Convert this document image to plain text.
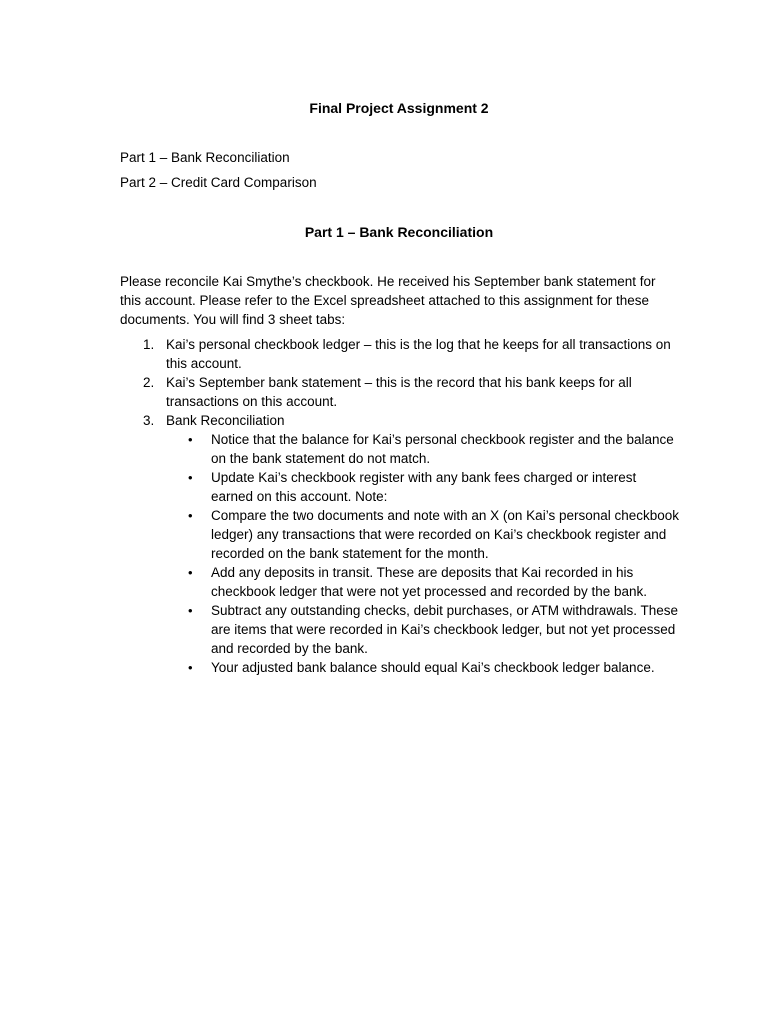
Final Project Assignment 2

Part 1 – Bank Reconciliation

Part 2 – Credit Card Comparison

Part 1 – Bank Reconciliation

Please reconcile Kai Smythe’s checkbook. He received his September bank statement for this account. Please refer to the Excel spreadsheet attached to this assignment for these documents. You will find 3 sheet tabs:

1. Kai’s personal checkbook ledger – this is the log that he keeps for all transactions on this account.
2. Kai’s September bank statement – this is the record that his bank keeps for all transactions on this account.
3. Bank Reconciliation
• Notice that the balance for Kai’s personal checkbook register and the balance on the bank statement do not match.
• Update Kai’s checkbook register with any bank fees charged or interest earned on this account. Note:
• Compare the two documents and note with an X (on Kai’s personal checkbook ledger) any transactions that were recorded on Kai’s checkbook register and recorded on the bank statement for the month.
• Add any deposits in transit. These are deposits that Kai recorded in his checkbook ledger that were not yet processed and recorded by the bank.
• Subtract any outstanding checks, debit purchases, or ATM withdrawals. These are items that were recorded in Kai’s checkbook ledger, but not yet processed and recorded by the bank.
• Your adjusted bank balance should equal Kai’s checkbook ledger balance.
